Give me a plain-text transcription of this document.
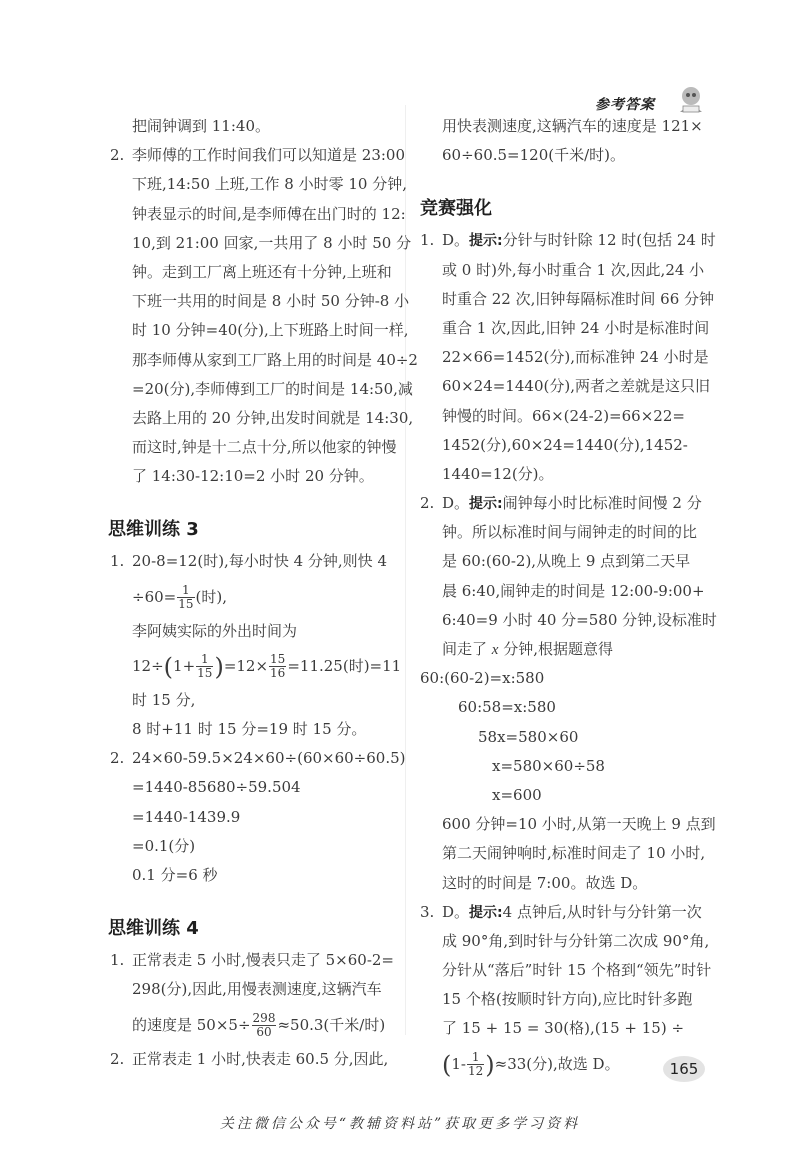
参考答案
把闹钟调到 11:40。
2. 李师傅的工作时间我们可以知道是 23:00
下班,14:50 上班,工作 8 小时零 10 分钟,
钟表显示的时间,是李师傅在出门时的 12:
10,到 21:00 回家,一共用了 8 小时 50 分
钟。走到工厂离上班还有十分钟,上班和
下班一共用的时间是 8 小时 50 分钟-8 小
时 10 分钟=40(分),上下班路上时间一样,
那李师傅从家到工厂路上用的时间是 40÷2
=20(分),李师傅到工厂的时间是 14:50,减
去路上用的 20 分钟,出发时间就是 14:30,
而这时,钟是十二点十分,所以他家的钟慢
了 14:30-12:10=2 小时 20 分钟。
思维训练 3
1. 20-8=12(时),每小时快 4 分钟,则快 4
$\div 60= \frac{1}{15}$ (时),
李阿姨实际的外出时间为
$12\div(1+ \frac{1}{15} )=12\times \frac{15}{16} =11.25$(时)=11
时 15 分,
8 时+11 时 15 分=19 时 15 分。
2. 24×60-59.5×24×60÷(60×60÷60.5)
=1440-85680÷59.504
=1440-1439.9
=0.1(分)
0.1 分=6 秒
思维训练 4
1. 正常表走 5 小时,慢表只走了 5×60-2=
298(分),因此,用慢表测速度,这辆汽车
的速度是 $50\times 5\div \frac{298}{60} \approx 50.3$(千米/时)
2. 正常表走 1 小时,快表走 60.5 分,因此,
用快表测速度,这辆汽车的速度是 121×
60÷60.5=120(千米/时)。
竞赛强化
1. D。提示:分针与时针除 12 时(包括 24 时
或 0 时)外,每小时重合 1 次,因此,24 小
时重合 22 次,旧钟每隔标准时间 66 分钟
重合 1 次,因此,旧钟 24 小时是标准时间
22×66=1452(分),而标准钟 24 小时是
60×24=1440(分),两者之差就是这只旧
钟慢的时间。66×(24-2)=66×22=
1452(分),60×24=1440(分),1452-
1440=12(分)。
2. D。提示:闹钟每小时比标准时间慢 2 分
钟。所以标准时间与闹钟走的时间的比
是 60:(60-2),从晚上 9 点到第二天早
晨 6:40,闹钟走的时间是 12:00-9:00+
6:40=9 小时 40 分=580 分钟,设标准时
间走了 x 分钟,根据题意得
60:(60-2)=x:580
60:58=x:580
58x=580×60
x=580×60÷58
x=600
600 分钟=10 小时,从第一天晚上 9 点到
第二天闹钟响时,标准时间走了 10 小时,
这时的时间是 7:00。故选 D。
3. D。提示:4 点钟后,从时针与分针第一次
成 90°角,到时针与分针第二次成 90°角,
分针从“落后”时针 15 个格到“领先”时针
15 个格(按顺时针方向),应比时针多跑
了 15 + 15 = 30(格),(15 + 15) ÷
$(1- \frac{1}{12} )\approx 33$(分),故选 D。	165
关注微信公众号“教辅资料站”获取更多学习资料
